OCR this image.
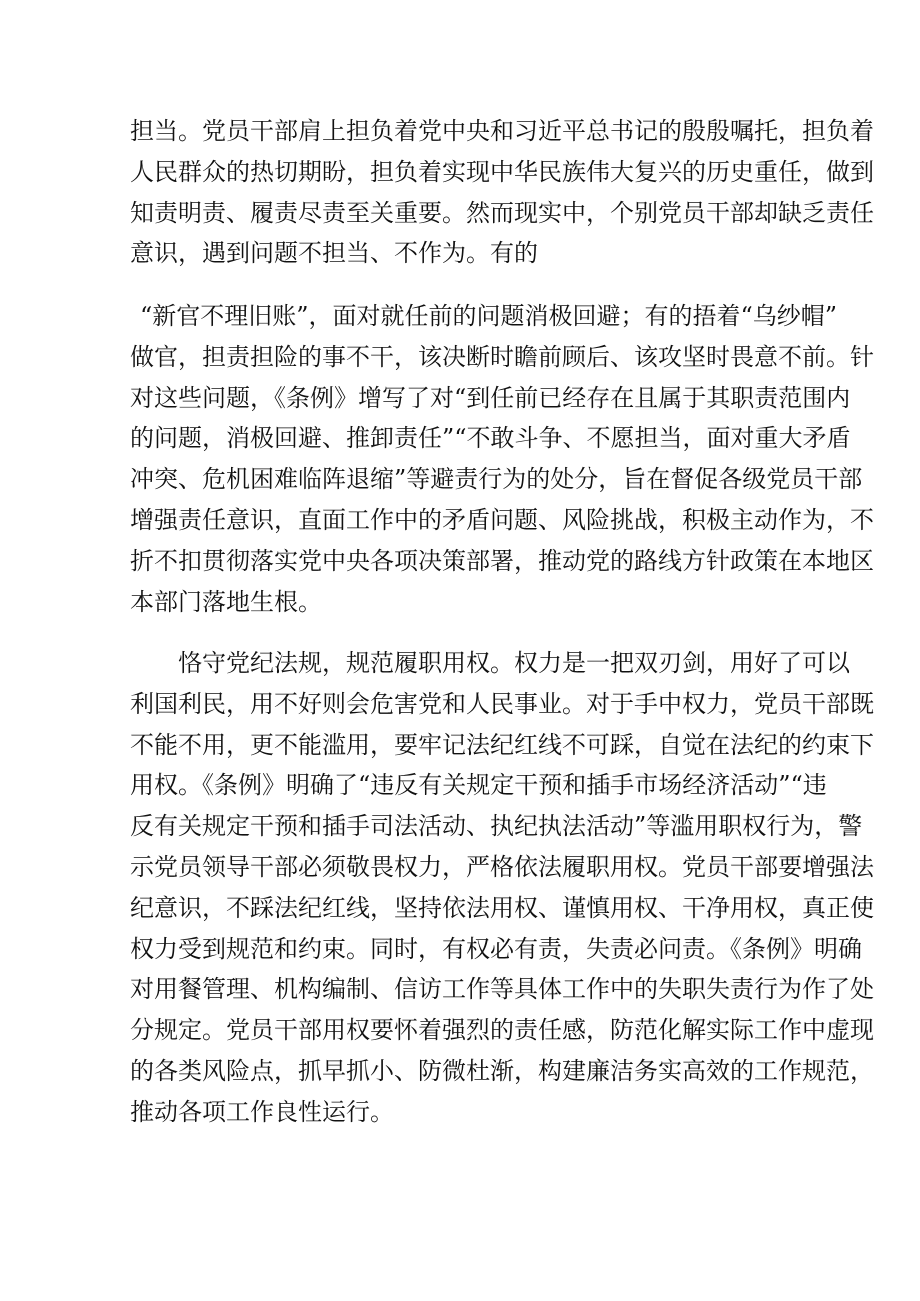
担当。党员干部肩上担负着党中央和习近平总书记的殷殷嘱托，担负着
人民群众的热切期盼，担负着实现中华民族伟大复兴的历史重任，做到
知责明责、履责尽责至关重要。然而现实中，个别党员干部却缺乏责任
意识，遇到问题不担当、不作为。有的
“新官不理旧账”，面对就任前的问题消极回避；有的捂着“乌纱帽”
做官，担责担险的事不干，该决断时瞻前顾后、该攻坚时畏意不前。针
对这些问题，《条例》增写了对“到任前已经存在且属于其职责范围内
的问题，消极回避、推卸责任”“不敢斗争、不愿担当，面对重大矛盾
冲突、危机困难临阵退缩”等避责行为的处分，旨在督促各级党员干部
增强责任意识，直面工作中的矛盾问题、风险挑战，积极主动作为，不
折不扣贯彻落实党中央各项决策部署，推动党的路线方针政策在本地区
本部门落地生根。
恪守党纪法规，规范履职用权。权力是一把双刃剑，用好了可以
利国利民，用不好则会危害党和人民事业。对于手中权力，党员干部既
不能不用，更不能滥用，要牢记法纪红线不可踩，自觉在法纪的约束下
用权。《条例》明确了“违反有关规定干预和插手市场经济活动”“违
反有关规定干预和插手司法活动、执纪执法活动”等滥用职权行为，警
示党员领导干部必须敬畏权力，严格依法履职用权。党员干部要增强法
纪意识，不踩法纪红线，坚持依法用权、谨慎用权、干净用权，真正使
权力受到规范和约束。同时，有权必有责，失责必问责。《条例》明确
对用餐管理、机构编制、信访工作等具体工作中的失职失责行为作了处
分规定。党员干部用权要怀着强烈的责任感，防范化解实际工作中虚现
的各类风险点，抓早抓小、防微杜渐，构建廉洁务实高效的工作规范，
推动各项工作良性运行。
